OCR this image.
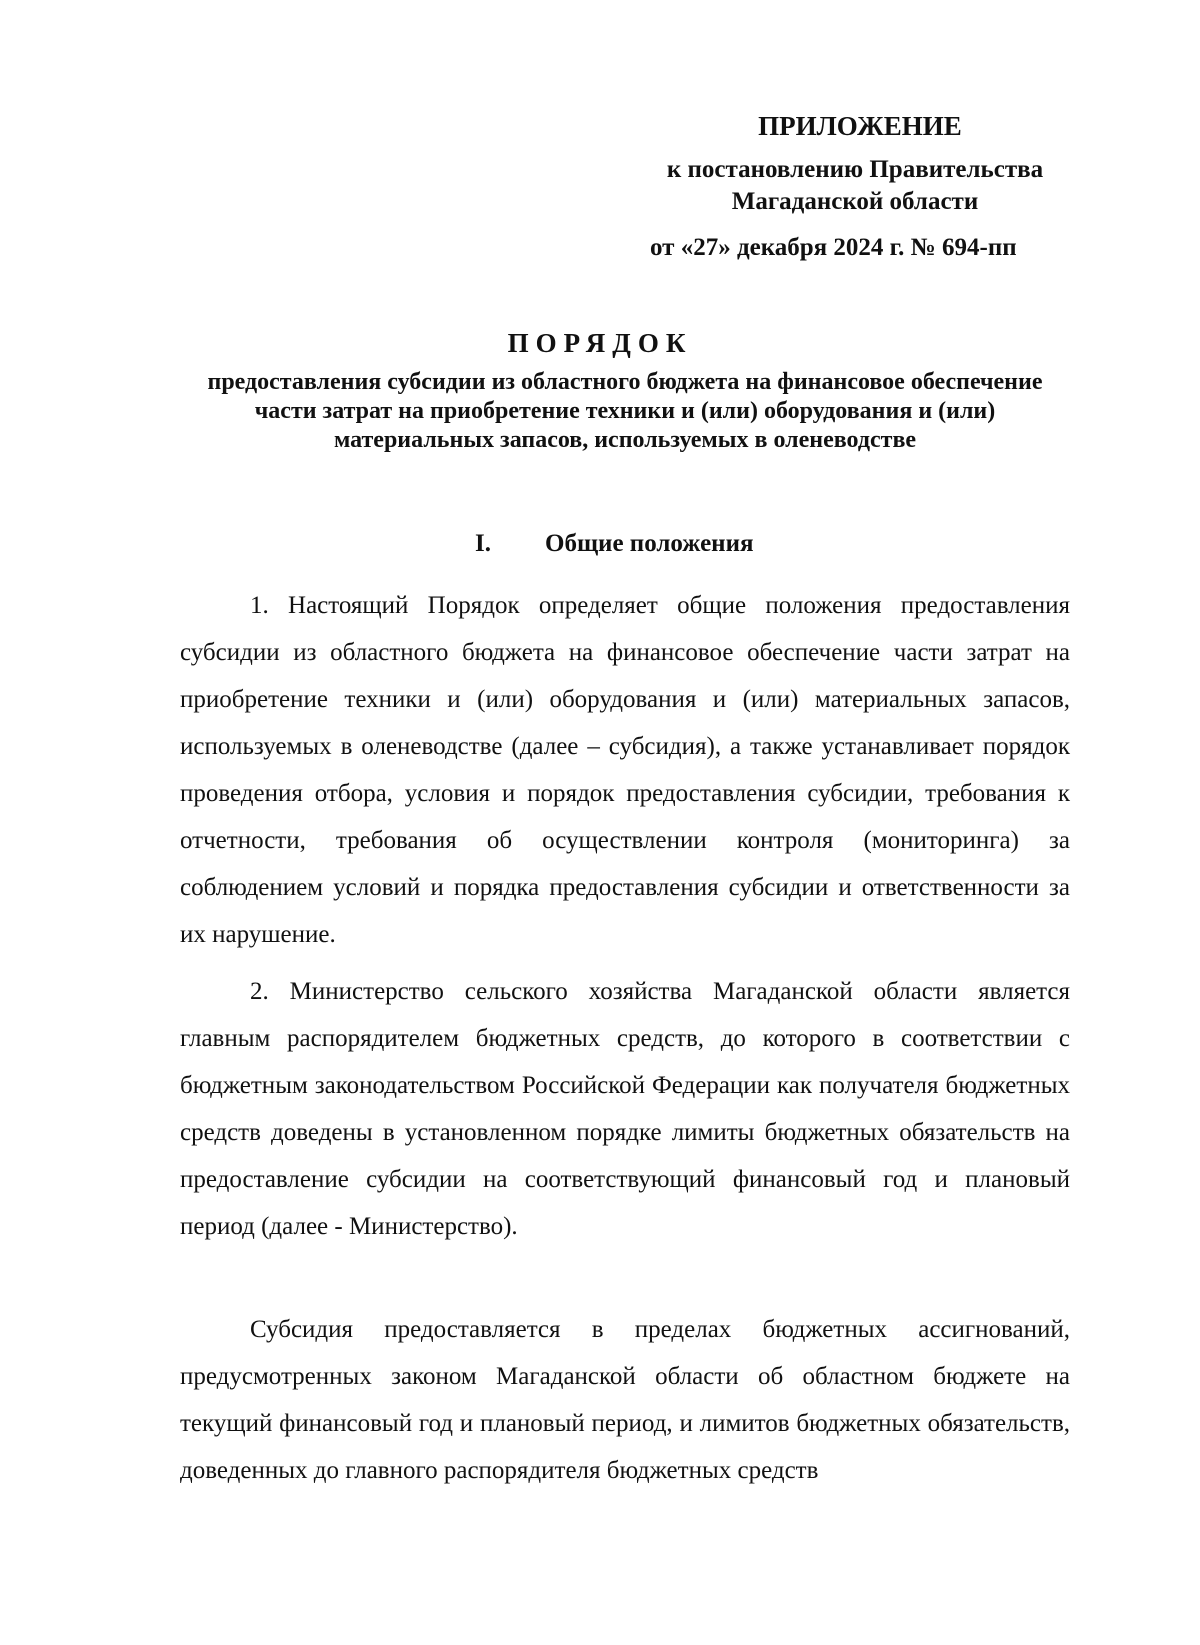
ПРИЛОЖЕНИЕ
к постановлению Правительства
Магаданской области
от «27» декабря 2024 г. № 694-пп
ПОРЯДОК
предоставления субсидии из областного бюджета на финансовое обеспечение части затрат на приобретение техники и (или) оборудования и (или) материальных запасов, используемых в оленеводстве
I. Общие положения

1. Настоящий Порядок определяет общие положения предоставления субсидии из областного бюджета на финансовое обеспечение части затрат на приобретение техники и (или) оборудования и (или) материальных запасов, используемых в оленеводстве (далее – субсидия), а также устанавливает порядок проведения отбора, условия и порядок предоставления субсидии, требования к отчетности, требования об осуществлении контроля (мониторинга) за соблюдением условий и порядка предоставления субсидии и ответственности за их нарушение.

2. Министерство сельского хозяйства Магаданской области является главным распорядителем бюджетных средств, до которого в соответствии с бюджетным законодательством Российской Федерации как получателя бюджетных средств доведены в установленном порядке лимиты бюджетных обязательств на предоставление субсидии на соответствующий финансовый год и плановый период (далее - Министерство).

Субсидия предоставляется в пределах бюджетных ассигнований, предусмотренных законом Магаданской области об областном бюджете на текущий финансовый год и плановый период, и лимитов бюджетных обязательств, доведенных до главного распорядителя бюджетных средств
